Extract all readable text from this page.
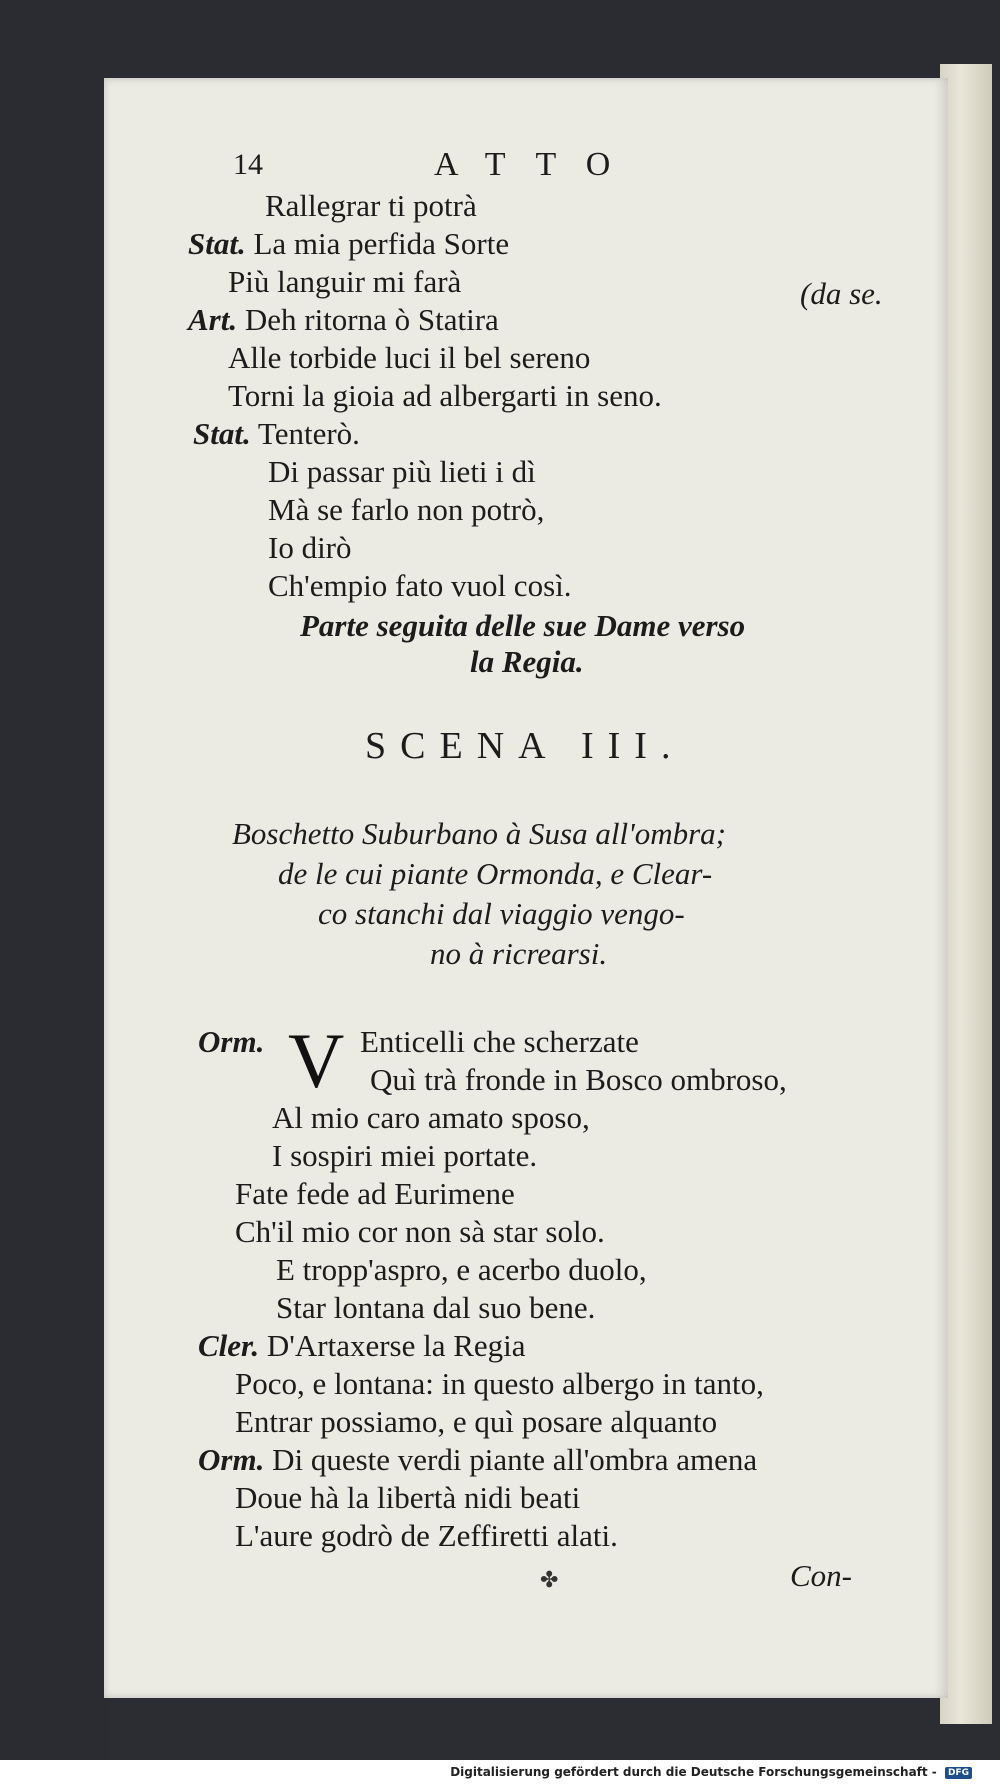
14	ATTO
Rallegrar ti potrà
Stat. La mia perfida Sorte
Più languir mi farà	(da se.
Art. Deh ritorna ò Statira
Alle torbide luci il bel sereno
Torni la gioia ad albergarti in seno.
Stat. Tenterò.
Di passar più lieti i dì
Mà se farlo non potrò,
Io dirò
Ch'empio fato vuol così.
Parte seguita delle sue Dame verso
la Regia.
SCENA III.
Boschetto Suburbano à Susa all'ombra;
de le cui piante Ormonda, e Clear-
co stanchi dal viaggio vengo-
no à ricrearsi.
V
Orm.	Enticelli che scherzate
Quì trà fronde in Bosco ombroso,
Al mio caro amato sposo,
I sospiri miei portate.
Fate fede ad Eurimene
Ch'il mio cor non sà star solo.
E tropp'aspro, e acerbo duolo,
Star lontana dal suo bene.
Cler. D'Artaxerse la Regia
Poco, e lontana: in questo albergo in tanto,
Entrar possiamo, e quì posare alquanto
Orm. Di queste verdi piante all'ombra amena
Doue hà la libertà nidi beati
L'aure godrò de Zeffiretti alati.
✤	Con-
Digitalisierung gefördert durch die Deutsche Forschungsgemeinschaft - DFG
